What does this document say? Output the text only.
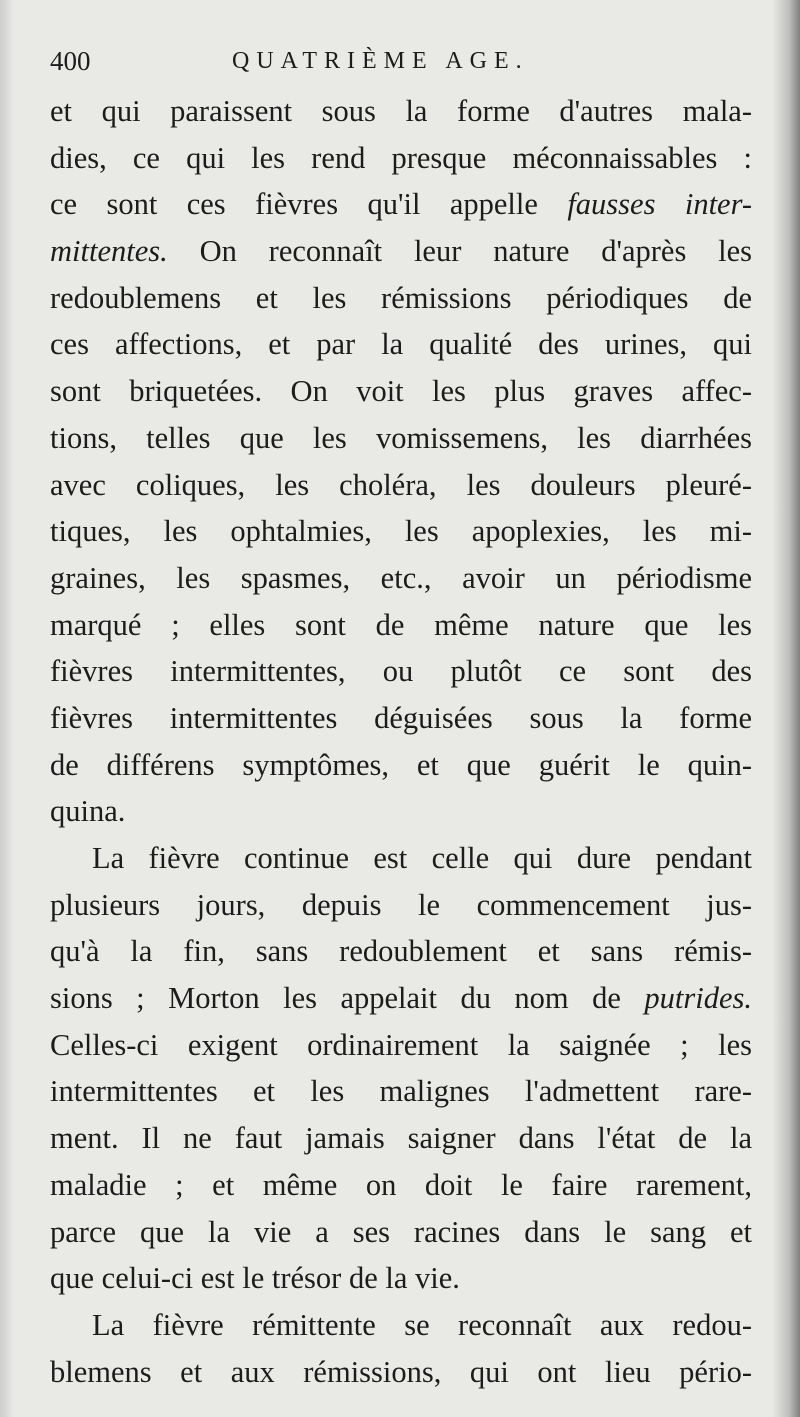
400	QUATRIÈME AGE.
et qui paraissent sous la forme d'autres mala-
dies, ce qui les rend presque méconnaissables :
ce sont ces fièvres qu'il appelle fausses inter-
mittentes. On reconnaît leur nature d'après les
redoublemens et les rémissions périodiques de
ces affections, et par la qualité des urines, qui
sont briquetées. On voit les plus graves affec-
tions, telles que les vomissemens, les diarrhées
avec coliques, les choléra, les douleurs pleuré-
tiques, les ophtalmies, les apoplexies, les mi-
graines, les spasmes, etc., avoir un périodisme
marqué ; elles sont de même nature que les
fièvres intermittentes, ou plutôt ce sont des
fièvres intermittentes déguisées sous la forme
de différens symptômes, et que guérit le quin-
quina.
La fièvre continue est celle qui dure pendant
plusieurs jours, depuis le commencement jus-
qu'à la fin, sans redoublement et sans rémis-
sions ; Morton les appelait du nom de putrides.
Celles-ci exigent ordinairement la saignée ; les
intermittentes et les malignes l'admettent rare-
ment. Il ne faut jamais saigner dans l'état de la
maladie ; et même on doit le faire rarement,
parce que la vie a ses racines dans le sang et
que celui-ci est le trésor de la vie.
La fièvre rémittente se reconnaît aux redou-
blemens et aux rémissions, qui ont lieu pério-
